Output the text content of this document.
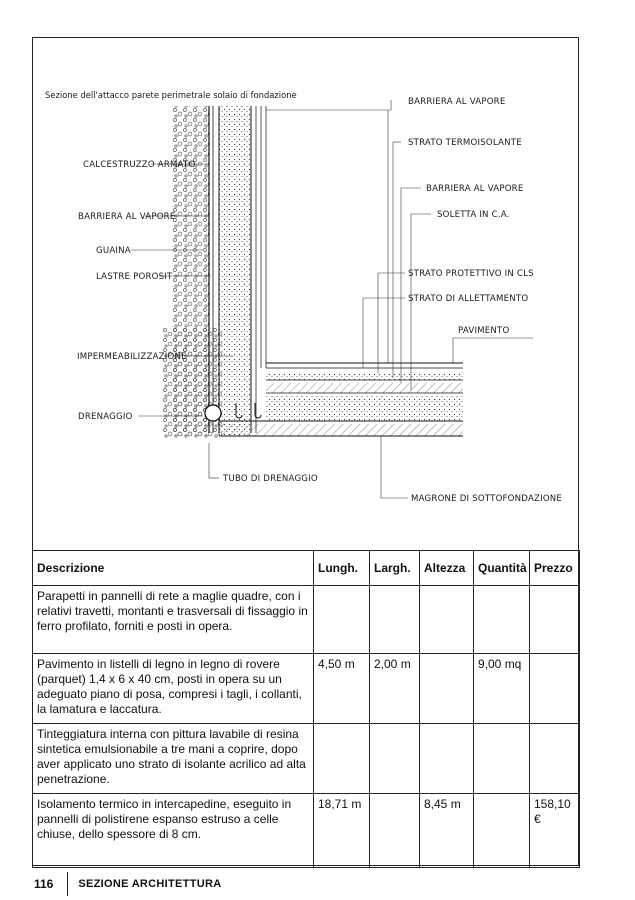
Sezione dell'attacco parete perimetrale solaio di fondazione
CALCESTRUZZO ARMATO
BARRIERA AL VAPORE
GUAINA
LASTRE POROSIT
IMPERMEABILIZZAZIONE
DRENAGGIO
BARRIERA AL VAPORE
STRATO TERMOISOLANTE
BARRIERA AL VAPORE
SOLETTA IN C.A.
STRATO PROTETTIVO IN CLS
STRATO DI ALLETTAMENTO
PAVIMENTO
TUBO DI DRENAGGIO
MAGRONE DI SOTTOFONDAZIONE
Descrizione	Lungh.	Largh.	Altezza	Quantità	Prezzo
Parapetti in pannelli di rete a maglie quadre, con i relativi travetti, montanti e trasversali di fissaggio in ferro profilato, forniti e posti in opera.					
Pavimento in listelli di legno in legno di rovere (parquet) 1,4 x 6 x 40 cm, posti in opera su un adeguato piano di posa, compresi i tagli, i collanti, la lamatura e laccatura.	4,50 m	2,00 m		9,00 mq	
Tinteggiatura interna con pittura lavabile di resina sintetica emulsionabile a tre mani a coprire, dopo aver applicato uno strato di isolante acrilico ad alta penetrazione.					
Isolamento termico in intercapedine, eseguito in pannelli di polistirene espanso estruso a celle chiuse, dello spessore di 8 cm.	18,71 m		8,45 m		158,10 €
116 SEZIONE ARCHITETTURA
